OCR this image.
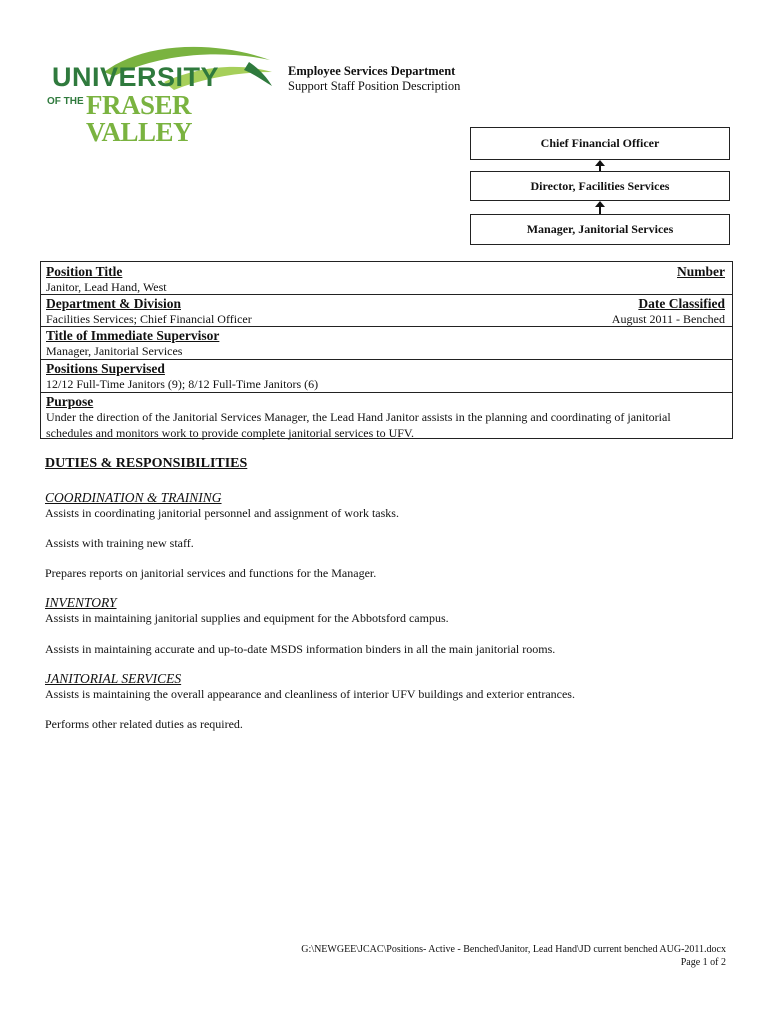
UNIVERSITY
OF THE FRASER VALLEY
Employee Services Department
Support Staff Position Description
Chief Financial Officer
Director, Facilities Services
Manager, Janitorial Services
Position Title	Number
Janitor, Lead Hand, West
Department & Division	Date Classified
Facilities Services; Chief Financial Officer	August 2011 - Benched
Title of Immediate Supervisor
Manager, Janitorial Services
Positions Supervised
12/12 Full-Time Janitors (9); 8/12 Full-Time Janitors (6)
Purpose
Under the direction of the Janitorial Services Manager, the Lead Hand Janitor assists in the planning and coordinating of janitorial schedules and monitors work to provide complete janitorial services to UFV.

DUTIES & RESPONSIBILITIES

COORDINATION & TRAINING

Assists in coordinating janitorial personnel and assignment of work tasks.

Assists with training new staff.

Prepares reports on janitorial services and functions for the Manager.

INVENTORY

Assists in maintaining janitorial supplies and equipment for the Abbotsford campus.

Assists in maintaining accurate and up-to-date MSDS information binders in all the main janitorial rooms.

JANITORIAL SERVICES

Assists is maintaining the overall appearance and cleanliness of interior UFV buildings and exterior entrances.

Performs other related duties as required.

G:\NEWGEE\JCAC\Positions- Active - Benched\Janitor, Lead Hand\JD current benched AUG-2011.docx
Page 1 of 2
